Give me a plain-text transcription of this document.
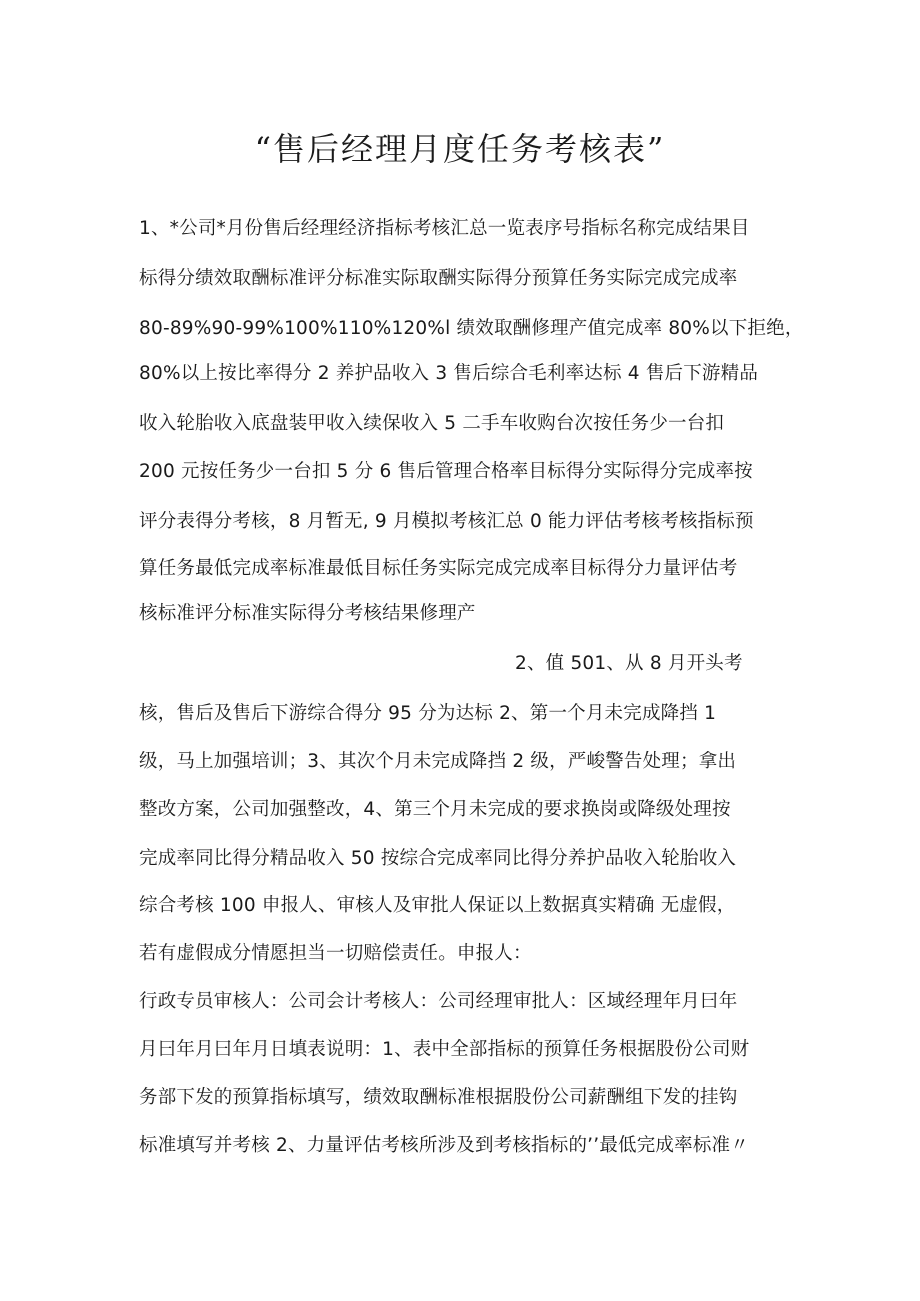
“售后经理月度任务考核表”
1、*公司*月份售后经理经济指标考核汇总一览表序号指标名称完成结果目
标得分绩效取酬标准评分标准实际取酬实际得分预算任务实际完成完成率
80-89%90-99%100%110%120%l 绩效取酬修理产值完成率 80%以下拒绝，
80%以上按比率得分 2 养护品收入 3 售后综合毛利率达标 4 售后下游精品
收入轮胎收入底盘装甲收入续保收入 5 二手车收购台次按任务少一台扣
200 元按任务少一台扣 5 分 6 售后管理合格率目标得分实际得分完成率按
评分表得分考核，8 月暂无, 9 月模拟考核汇总 0 能力评估考核考核指标预
算任务最低完成率标准最低目标任务实际完成完成率目标得分力量评估考
核标准评分标准实际得分考核结果修理产
2、值 501、从 8 月开头考
核，售后及售后下游综合得分 95 分为达标 2、第一个月未完成降挡 1
级，马上加强培训；3、其次个月未完成降挡 2 级，严峻警告处理；拿出
整改方案，公司加强整改，4、第三个月未完成的要求换岗或降级处理按
完成率同比得分精品收入 50 按综合完成率同比得分养护品收入轮胎收入
综合考核 100 申报人、审核人及审批人保证以上数据真实精确 无虚假，
若有虚假成分情愿担当一切赔偿责任。申报人：
行政专员审核人：公司会计考核人：公司经理审批人：区域经理年月曰年
月曰年月曰年月日填表说明：1、表中全部指标的预算任务根据股份公司财
务部下发的预算指标填写，绩效取酬标准根据股份公司薪酬组下发的挂钩
标准填写并考核 2、力量评估考核所涉及到考核指标的’’最低完成率标准〃
